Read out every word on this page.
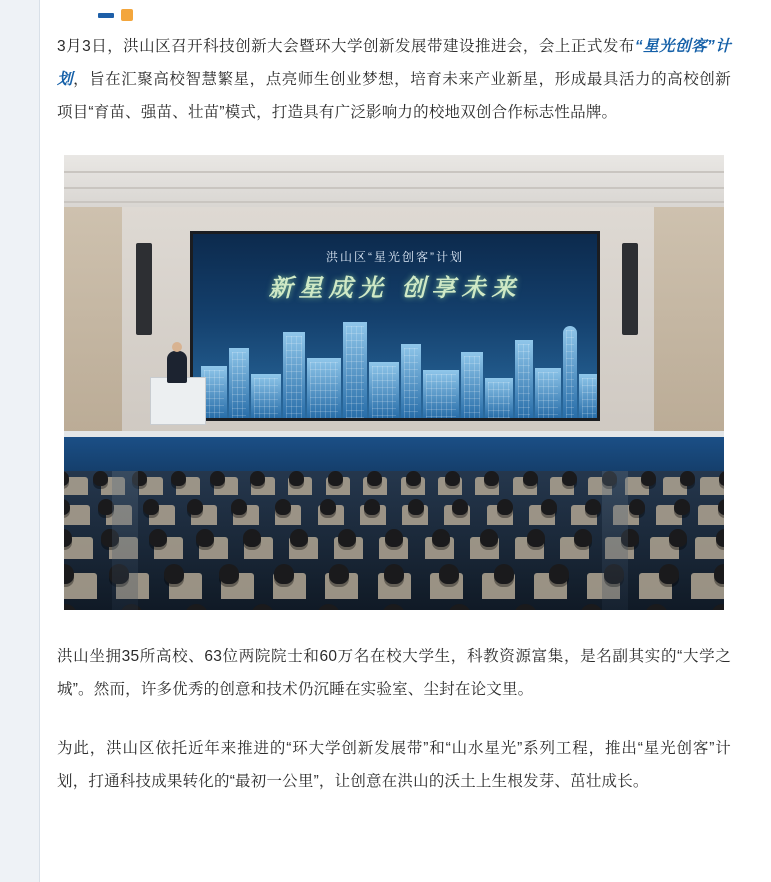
3月3日，洪山区召开科技创新大会暨环大学创新发展带建设推进会，会上正式发布“星光创客”计划，旨在汇聚高校智慧繁星，点亮师生创业梦想，培育未来产业新星，形成最具活力的高校创新项目“育苗、强苗、壮苗”模式，打造具有广泛影响力的校地双创合作标志性品牌。

洪山区“星光创客”计划
新星成光 创享未来

洪山坐拥35所高校、63位两院院士和60万名在校大学生，科教资源富集，是名副其实的“大学之城”。然而，许多优秀的创意和技术仍沉睡在实验室、尘封在论文里。

为此，洪山区依托近年来推进的“环大学创新发展带”和“山水星光”系列工程，推出“星光创客”计划，打通科技成果转化的“最初一公里”，让创意在洪山的沃土上生根发芽、茁壮成长。
